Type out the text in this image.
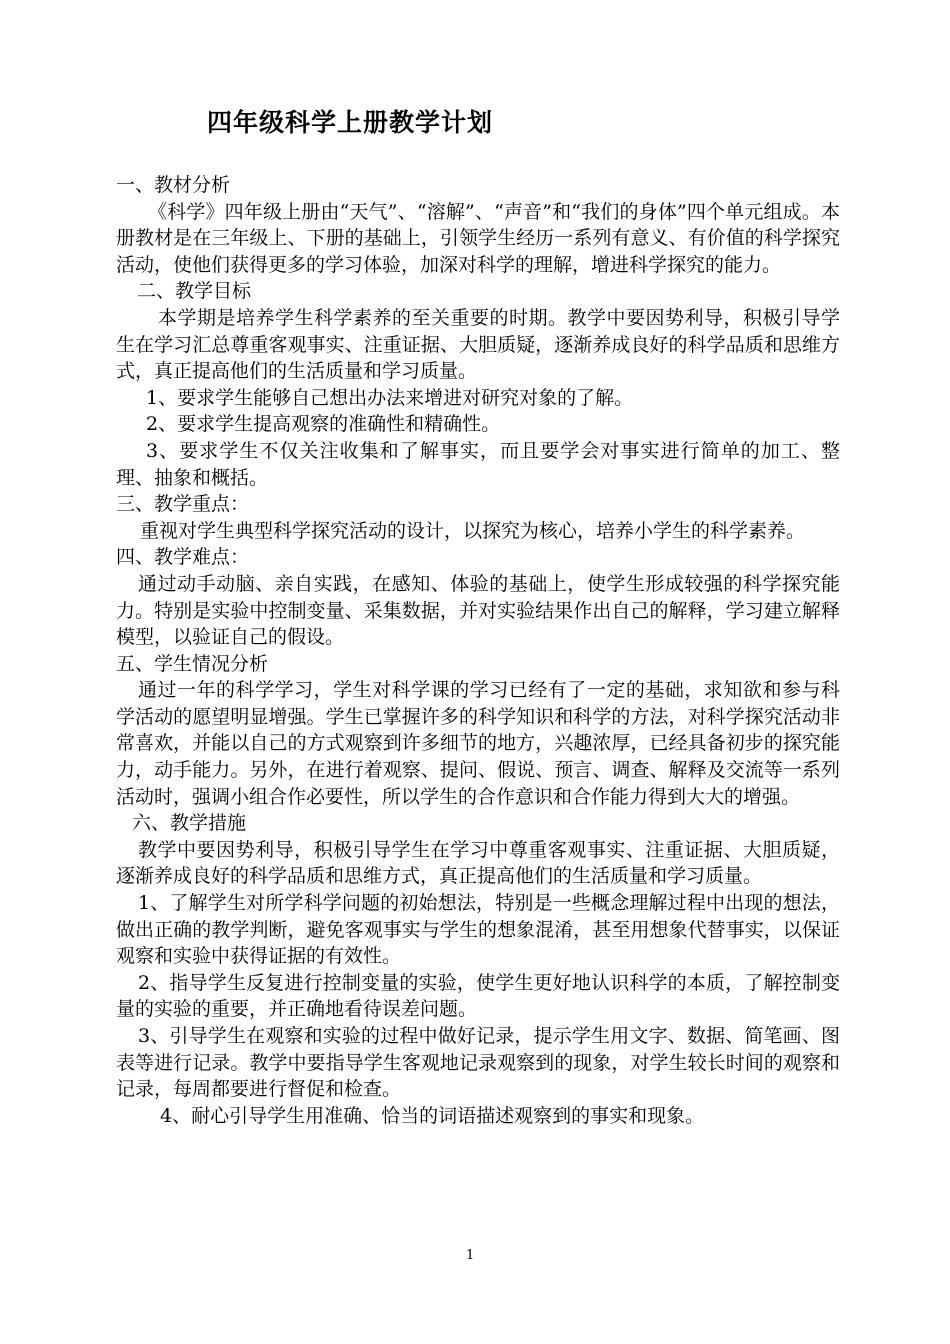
四年级科学上册教学计划

一、教材分析

《科学》四年级上册由“天气”、“溶解”、“声音”和“我们的身体”四个单元组成。本册教材是在三年级上、下册的基础上，引领学生经历一系列有意义、有价值的科学探究活动，使他们获得更多的学习体验，加深对科学的理解，增进科学探究的能力。

二、教学目标

本学期是培养学生科学素养的至关重要的时期。教学中要因势利导，积极引导学生在学习汇总尊重客观事实、注重证据、大胆质疑，逐渐养成良好的科学品质和思维方式，真正提高他们的生活质量和学习质量。

1、要求学生能够自己想出办法来增进对研究对象的了解。

2、要求学生提高观察的准确性和精确性。

3、要求学生不仅关注收集和了解事实，而且要学会对事实进行简单的加工、整理、抽象和概括。

三、教学重点：

重视对学生典型科学探究活动的设计，以探究为核心，培养小学生的科学素养。

四、教学难点：

通过动手动脑、亲自实践，在感知、体验的基础上，使学生形成较强的科学探究能力。特别是实验中控制变量、采集数据，并对实验结果作出自己的解释，学习建立解释模型，以验证自己的假设。

五、学生情况分析

通过一年的科学学习，学生对科学课的学习已经有了一定的基础，求知欲和参与科学活动的愿望明显增强。学生已掌握许多的科学知识和科学的方法，对科学探究活动非常喜欢，并能以自己的方式观察到许多细节的地方，兴趣浓厚，已经具备初步的探究能力，动手能力。另外，在进行着观察、提问、假说、预言、调查、解释及交流等一系列活动时，强调小组合作必要性，所以学生的合作意识和合作能力得到大大的增强。

六、教学措施

教学中要因势利导，积极引导学生在学习中尊重客观事实、注重证据、大胆质疑，逐渐养成良好的科学品质和思维方式，真正提高他们的生活质量和学习质量。

1、了解学生对所学科学问题的初始想法，特别是一些概念理解过程中出现的想法，做出正确的教学判断，避免客观事实与学生的想象混淆，甚至用想象代替事实，以保证观察和实验中获得证据的有效性。

2、指导学生反复进行控制变量的实验，使学生更好地认识科学的本质，了解控制变量的实验的重要，并正确地看待误差问题。

3、引导学生在观察和实验的过程中做好记录，提示学生用文字、数据、简笔画、图表等进行记录。教学中要指导学生客观地记录观察到的现象，对学生较长时间的观察和记录，每周都要进行督促和检查。

4、耐心引导学生用准确、恰当的词语描述观察到的事实和现象。

1
